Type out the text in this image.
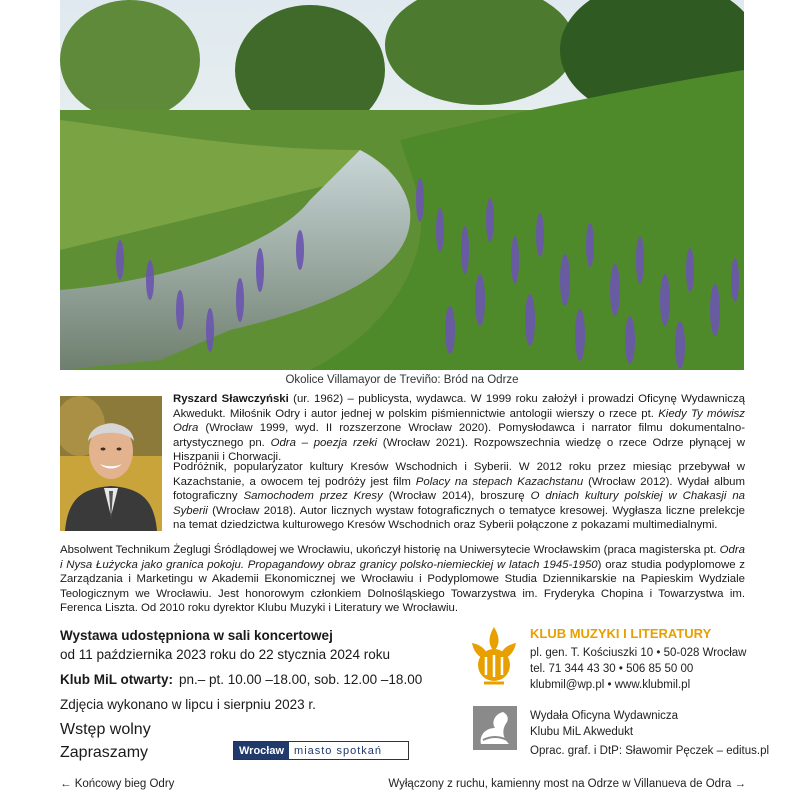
Okolice Villamayor de Treviño: Bród na Odrze

Ryszard Sławczyński (ur. 1962) – publicysta, wydawca. W 1999 roku założył i prowadzi Oficynę Wydawniczą Akwedukt. Miłośnik Odry i autor jednej w polskim piśmiennictwie antologii wierszy o rzece pt. Kiedy Ty mówisz Odra (Wrocław 1999, wyd. II rozszerzone Wrocław 2020). Pomysłodawca i narrator filmu dokumentalno-artystycznego pn. Odra – poezja rzeki (Wrocław 2021). Rozpowszechnia wiedzę o rzece Odrze płynącej w Hiszpanii i Chorwacji.

Podróżnik, popularyzator kultury Kresów Wschodnich i Syberii. W 2012 roku przez miesiąc przebywał w Kazachstanie, a owocem tej podróży jest film Polacy na stepach Kazachstanu (Wrocław 2012). Wydał album fotograficzny Samochodem przez Kresy (Wrocław 2014), broszurę O dniach kultury polskiej w Chakasji na Syberii (Wrocław 2018). Autor licznych wystaw fotograficznych o tematyce kresowej. Wygłasza liczne prelekcje na temat dziedzictwa kulturowego Kresów Wschodnich oraz Syberii połączone z pokazami multimedialnymi.

Absolwent Technikum Żeglugi Śródlądowej we Wrocławiu, ukończył historię na Uniwersytecie Wrocławskim (praca magisterska pt. Odra i Nysa Łużycka jako granica pokoju. Propagandowy obraz granicy polsko-niemieckiej w latach 1945-1950) oraz studia podyplomowe z Zarządzania i Marketingu w Akademii Ekonomicznej we Wrocławiu i Podyplomowe Studia Dziennikarskie na Papieskim Wydziale Teologicznym we Wrocławiu. Jest honorowym członkiem Dolnośląskiego Towarzystwa im. Fryderyka Chopina i Towarzystwa im. Ferenca Liszta. Od 2010 roku dyrektor Klubu Muzyki i Literatury we Wrocławiu.

Wystawa udostępniona w sali koncertowej
od 11 października 2023 roku do 22 stycznia 2024 roku
Klub MiL otwarty: pn.– pt. 10.00 –18.00, sob. 12.00 –18.00
Zdjęcia wykonano w lipcu i sierpniu 2023 r.
Wstęp wolny
Zapraszamy	Wrocław miasto spotkań
KLUB MUZYKI I LITERATURY
pl. gen. T. Kościuszki 10 • 50-028 Wrocław
tel. 71 344 43 30 • 506 85 50 00
klubmil@wp.pl • www.klubmil.pl
Wydała Oficyna Wydawnicza
Klubu MiL Akwedukt
Oprac. graf. i DtP: Sławomir Pęczek – editus.pl
← Końcowy bieg Odry	Wyłączony z ruchu, kamienny most na Odrze w Villanueva de Odra →
